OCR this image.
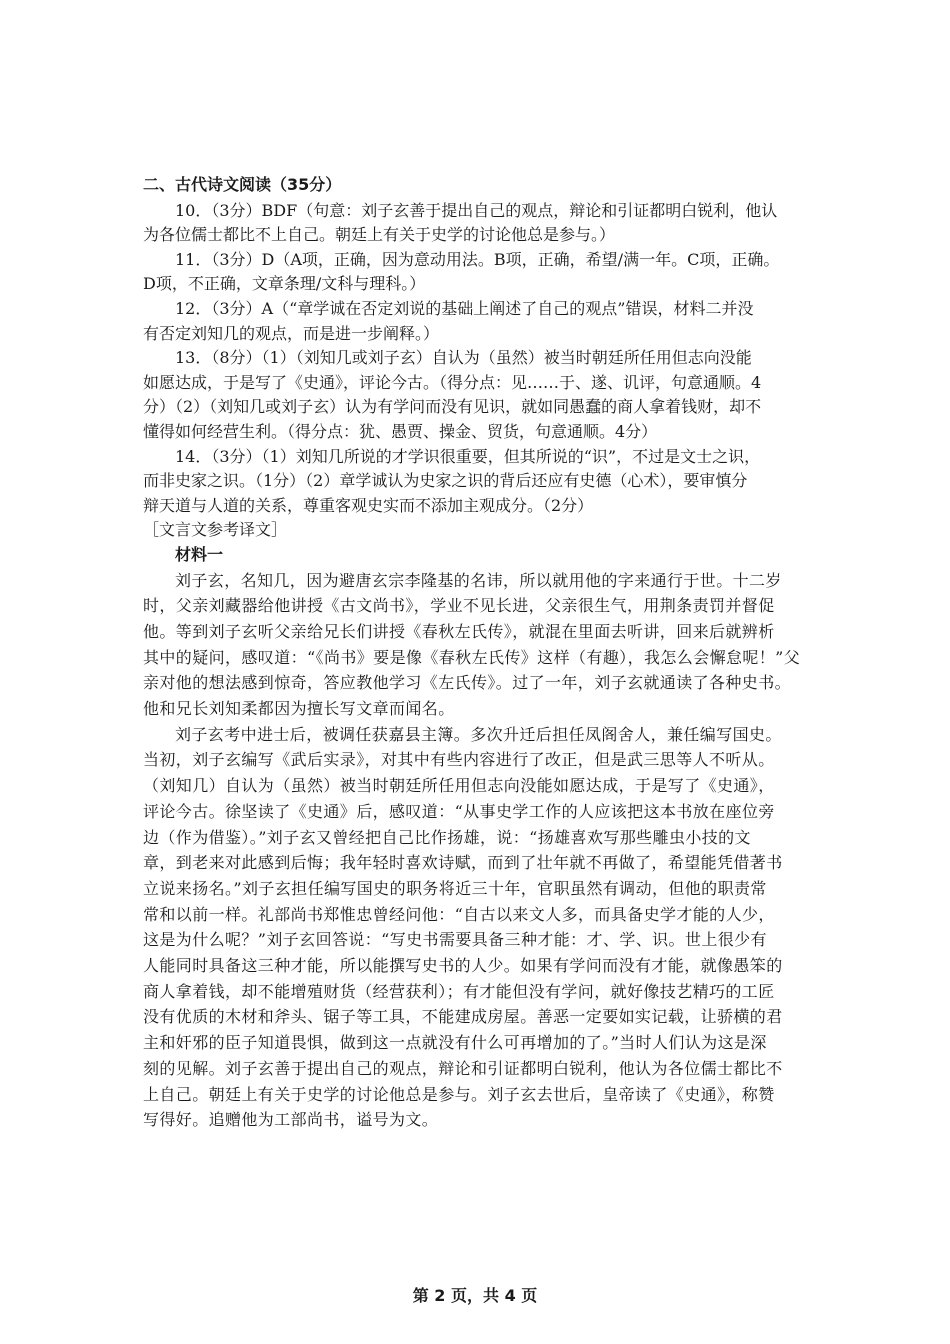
二、古代诗文阅读（35分）
10．（3分）BDF（句意：刘子玄善于提出自己的观点，辩论和引证都明白锐利，他认
为各位儒士都比不上自己。朝廷上有关于史学的讨论他总是参与。）
11．（3分）D（A项，正确，因为意动用法。B项，正确，希望/满一年。C项，正确。
D项，不正确，文章条理/文科与理科。）
12．（3分）A（“章学诚在否定刘说的基础上阐述了自己的观点”错误，材料二并没
有否定刘知几的观点，而是进一步阐释。）
13．（8分）（1）（刘知几或刘子玄）自认为（虽然）被当时朝廷所任用但志向没能
如愿达成，于是写了《史通》，评论今古。（得分点：见……于、遂、讥评，句意通顺。4
分）（2）（刘知几或刘子玄）认为有学问而没有见识，就如同愚蠢的商人拿着钱财，却不
懂得如何经营生利。（得分点：犹、愚贾、操金、贸货，句意通顺。4分）
14．（3分）（1）刘知几所说的才学识很重要，但其所说的“识”，不过是文士之识，
而非史家之识。（1分）（2）章学诚认为史家之识的背后还应有史德（心术），要审慎分
辩天道与人道的关系，尊重客观史实而不添加主观成分。（2分）
［文言文参考译文］
材料一
刘子玄，名知几，因为避唐玄宗李隆基的名讳，所以就用他的字来通行于世。十二岁
时，父亲刘藏器给他讲授《古文尚书》，学业不见长进，父亲很生气，用荆条责罚并督促
他。等到刘子玄听父亲给兄长们讲授《春秋左氏传》，就混在里面去听讲，回来后就辨析
其中的疑问，感叹道：“《尚书》要是像《春秋左氏传》这样（有趣），我怎么会懈怠呢！”父
亲对他的想法感到惊奇，答应教他学习《左氏传》。过了一年，刘子玄就通读了各种史书。
他和兄长刘知柔都因为擅长写文章而闻名。
刘子玄考中进士后，被调任获嘉县主簿。多次升迁后担任凤阁舍人，兼任编写国史。
当初，刘子玄编写《武后实录》，对其中有些内容进行了改正，但是武三思等人不听从。
（刘知几）自认为（虽然）被当时朝廷所任用但志向没能如愿达成，于是写了《史通》，
评论今古。徐坚读了《史通》后，感叹道：“从事史学工作的人应该把这本书放在座位旁
边（作为借鉴）。”刘子玄又曾经把自己比作扬雄，说：“扬雄喜欢写那些雕虫小技的文
章，到老来对此感到后悔；我年轻时喜欢诗赋，而到了壮年就不再做了，希望能凭借著书
立说来扬名。”刘子玄担任编写国史的职务将近三十年，官职虽然有调动，但他的职责常
常和以前一样。礼部尚书郑惟忠曾经问他：“自古以来文人多，而具备史学才能的人少，
这是为什么呢？”刘子玄回答说：“写史书需要具备三种才能：才、学、识。世上很少有
人能同时具备这三种才能，所以能撰写史书的人少。如果有学问而没有才能，就像愚笨的
商人拿着钱，却不能增殖财货（经营获利）；有才能但没有学问，就好像技艺精巧的工匠
没有优质的木材和斧头、锯子等工具，不能建成房屋。善恶一定要如实记载，让骄横的君
主和奸邪的臣子知道畏惧，做到这一点就没有什么可再增加的了。”当时人们认为这是深
刻的见解。刘子玄善于提出自己的观点，辩论和引证都明白锐利，他认为各位儒士都比不
上自己。朝廷上有关于史学的讨论他总是参与。刘子玄去世后，皇帝读了《史通》，称赞
写得好。追赠他为工部尚书，谥号为文。
第 2 页，共 4 页
